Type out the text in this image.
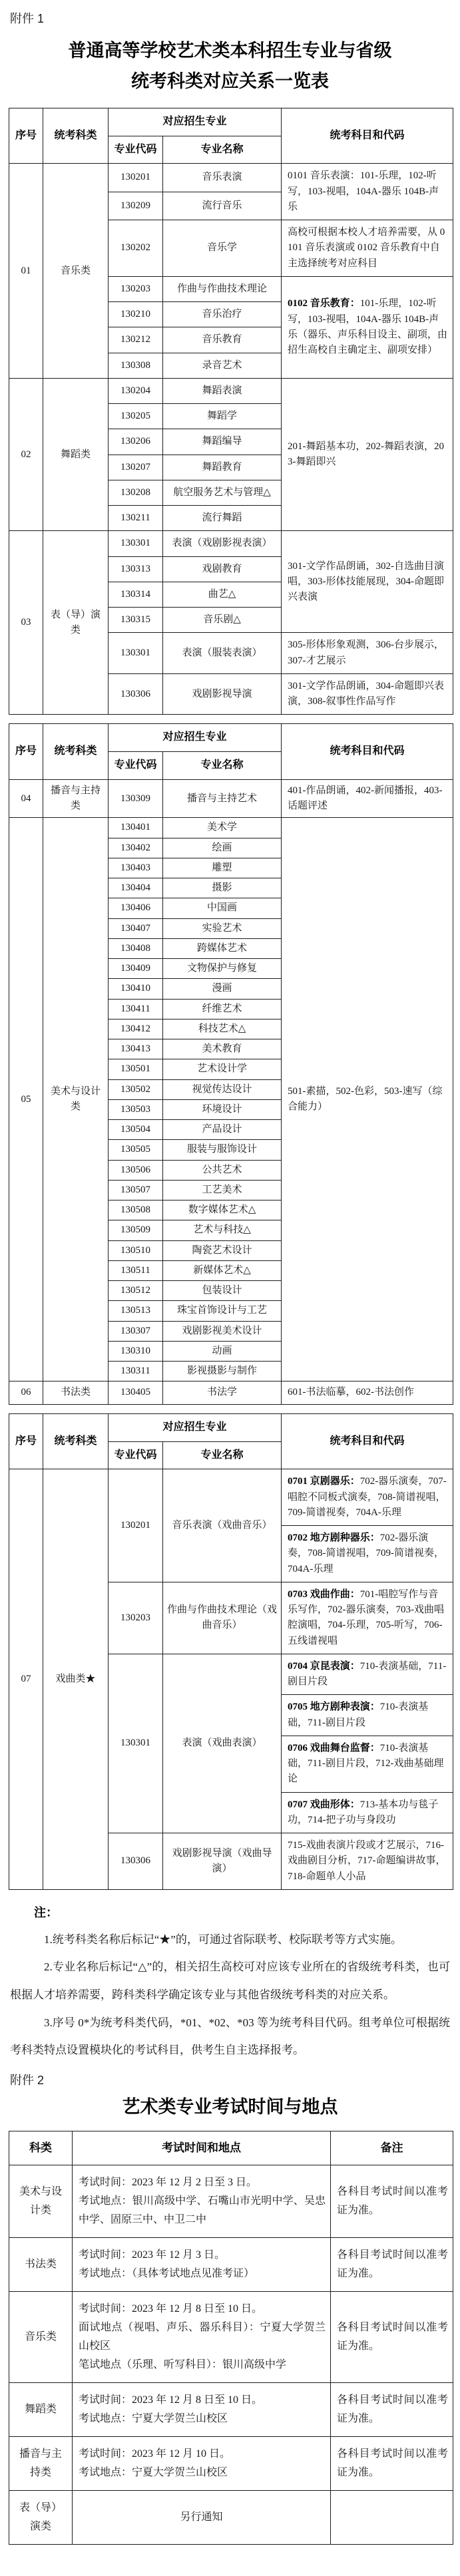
附件 1
普通高等学校艺术类本科招生专业与省级
统考科类对应关系一览表
序号	统考科类	对应招生专业		统考科目和代码
		专业代码	专业名称	
01	音乐类	130201	音乐表演	0101 音乐表演：101-乐理，102-听写，103-视唱，104A-器乐 104B-声乐
		130209	流行音乐	
		130202	音乐学	高校可根据本校人才培养需要，从 0101 音乐表演或 0102 音乐教育中自主选择统考对应科目
		130203	作曲与作曲技术理论	0102 音乐教育：101-乐理，102-听写，103-视唱，104A-器乐 104B-声乐（器乐、声乐科目设主、副项，由招生高校自主确定主、副项安排）
		130210	音乐治疗	
		130212	音乐教育	
		130308	录音艺术	
02	舞蹈类	130204	舞蹈表演	201-舞蹈基本功，202-舞蹈表演，203-舞蹈即兴
		130205	舞蹈学	
		130206	舞蹈编导	
		130207	舞蹈教育	
		130208	航空服务艺术与管理△	
		130211	流行舞蹈	
03	表（导）演类	130301	表演（戏剧影视表演）	301-文学作品朗诵，302-自选曲目演唱，303-形体技能展现，304-命题即兴表演
		130313	戏剧教育	
		130314	曲艺△	
		130315	音乐剧△	
		130301	表演（服装表演）	305-形体形象观测，306-台步展示，307-才艺展示
		130306	戏剧影视导演	301-文学作品朗诵，304-命题即兴表演，308-叙事性作品写作
序号	统考科类	对应招生专业		统考科目和代码
		专业代码	专业名称	
04	播音与主持类	130309	播音与主持艺术	401-作品朗诵，402-新闻播报，403-话题评述
05	美术与设计类	130401	美术学	501-素描，502-色彩，503-速写（综合能力）
		130402	绘画	
		130403	雕塑	
		130404	摄影	
		130406	中国画	
		130407	实验艺术	
		130408	跨媒体艺术	
		130409	文物保护与修复	
		130410	漫画	
		130411	纤维艺术	
		130412	科技艺术△	
		130413	美术教育	
		130501	艺术设计学	
		130502	视觉传达设计	
		130503	环境设计	
		130504	产品设计	
		130505	服装与服饰设计	
		130506	公共艺术	
		130507	工艺美术	
		130508	数字媒体艺术△	
		130509	艺术与科技△	
		130510	陶瓷艺术设计	
		130511	新媒体艺术△	
		130512	包装设计	
		130513	珠宝首饰设计与工艺	
		130307	戏剧影视美术设计	
		130310	动画	
		130311	影视摄影与制作	
06	书法类	130405	书法学	601-书法临摹，602-书法创作
序号	统考科类	对应招生专业		统考科目和代码
		专业代码	专业名称	
07	戏曲类★	130201	音乐表演（戏曲音乐）	0701 京剧器乐：702-器乐演奏，707-唱腔不同板式演奏，708-简谱视唱，709-简谱视奏，704A-乐理
				0702 地方剧种器乐：702-器乐演奏，708-简谱视唱，709-简谱视奏，704A-乐理
		130203	作曲与作曲技术理论（戏曲音乐）	0703 戏曲作曲：701-唱腔写作与音乐写作，702-器乐演奏，703-戏曲唱腔演唱，704-乐理，705-听写，706-五线谱视唱
		130301	表演（戏曲表演）	0704 京昆表演：710-表演基础，711-剧目片段
				0705 地方剧种表演：710-表演基础，711-剧目片段
				0706 戏曲舞台监督：710-表演基础，711-剧目片段，712-戏曲基础理论
				0707 戏曲形体：713-基本功与毯子功，714-把子功与身段功
		130306	戏剧影视导演（戏曲导演）	715-戏曲表演片段或才艺展示，716-戏曲剧目分析，717-命题编讲故事，718-命题单人小品
注：

1.统考科类名称后标记“★”的，可通过省际联考、校际联考等方式实施。

2.专业名称后标记“△”的，相关招生高校可对应该专业所在的省级统考科类，也可根据人才培养需要，跨科类科学确定该专业与其他省级统考科类的对应关系。

3.序号 0*为统考科类代码，*01、*02、*03 等为统考科目代码。组考单位可根据统考科类特点设置模块化的考试科目，供考生自主选择报考。

附件 2
艺术类专业考试时间与地点
科类	考试时间和地点	备注
美术与设计类	考试时间：2023 年 12 月 2 日至 3 日。
考试地点：银川高级中学、石嘴山市光明中学、吴忠中学、固原三中、中卫二中	各科目考试时间以准考证为准。
书法类	考试时间：2023 年 12 月 3 日。
考试地点：（具体考试地点见准考证）	各科目考试时间以准考证为准。
音乐类	考试时间：2023 年 12 月 8 日至 10 日。
面试地点（视唱、声乐、器乐科目）：宁夏大学贺兰山校区
笔试地点（乐理、听写科目）：银川高级中学	各科目考试时间以准考证为准。
舞蹈类	考试时间：2023 年 12 月 8 日至 10 日。
考试地点：宁夏大学贺兰山校区	各科目考试时间以准考证为准。
播音与主持类	考试时间：2023 年 12 月 10 日。
考试地点：宁夏大学贺兰山校区	各科目考试时间以准考证为准。
表（导）演类	另行通知	
